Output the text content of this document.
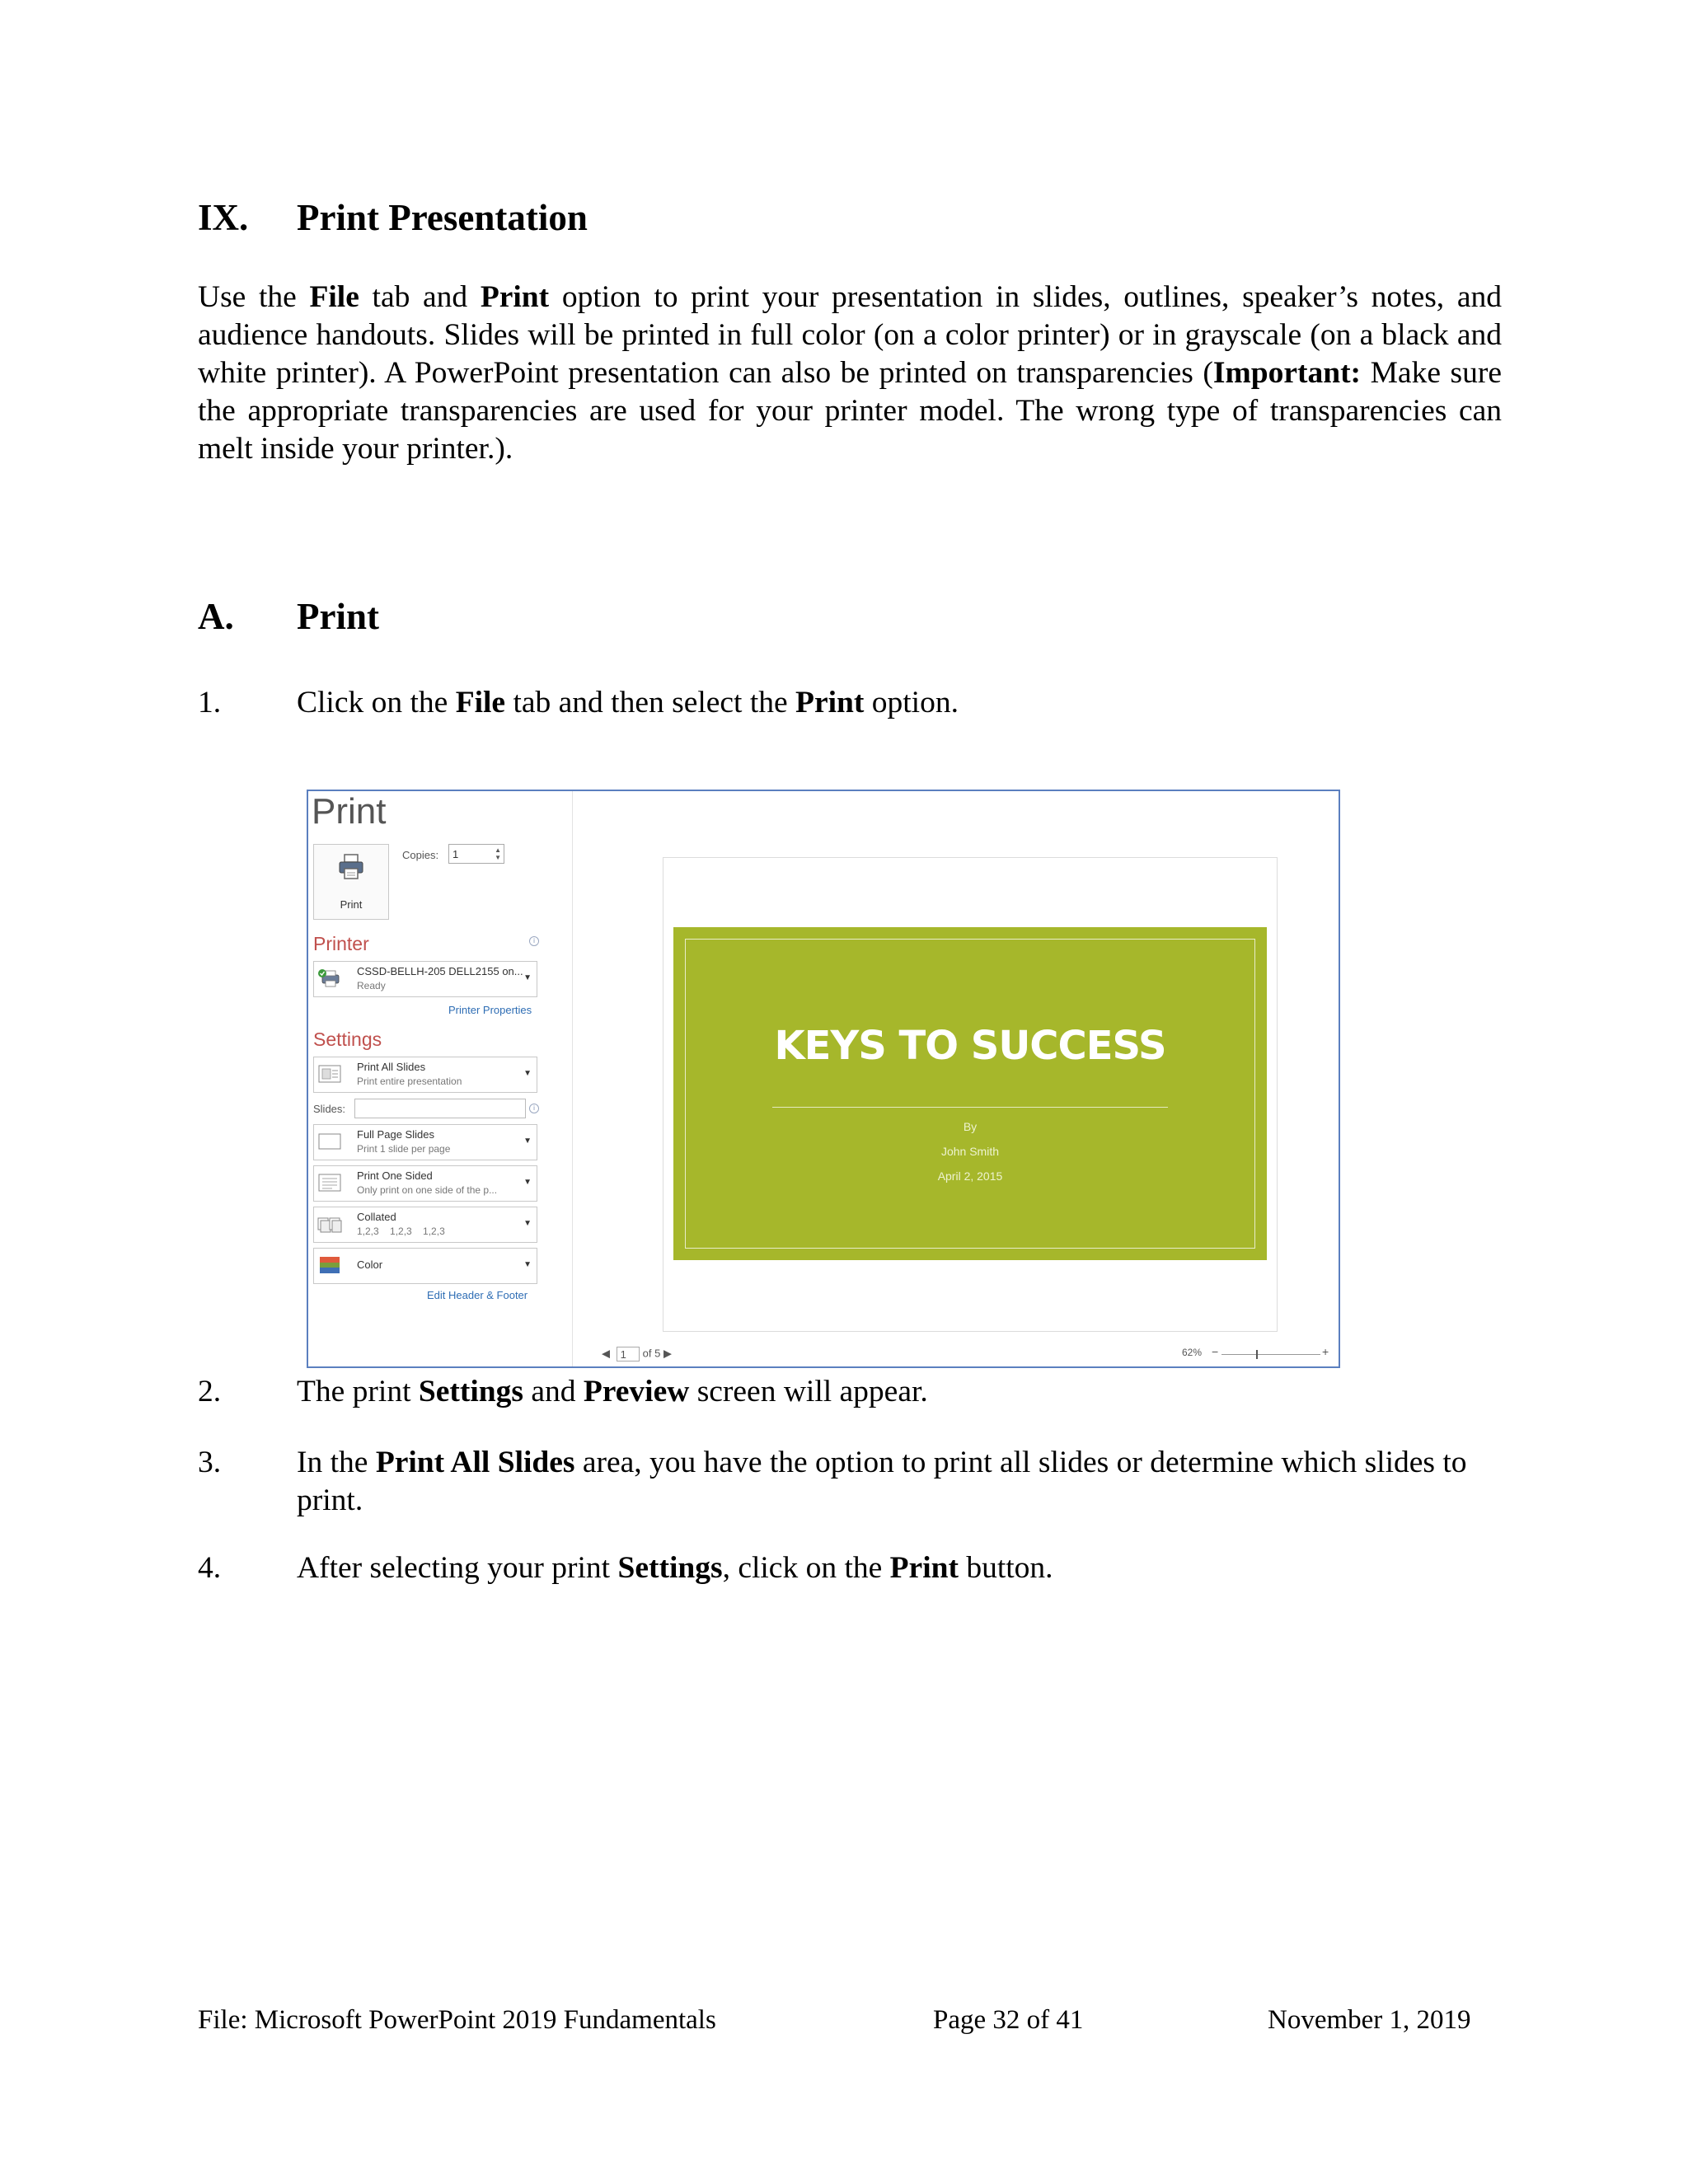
IX. Print Presentation
Use the File tab and Print option to print your presentation in slides, outlines, speaker’s notes, and audience handouts. Slides will be printed in full color (on a color printer) or in grayscale (on a black and white printer). A PowerPoint presentation can also be printed on transparencies (Important: Make sure the appropriate transparencies are used for your printer model. The wrong type of transparencies can melt inside your printer.).
A. Print
1. Click on the File tab and then select the Print option.
Print
Print
Copies:	1	▲
▼
Printer	i
CSSD-BELLH-205 DELL2155 on...
Ready
▼
Printer Properties
Settings
Print All Slides
Print entire presentation
▼
Slides:	i
Full Page Slides
Print 1 slide per page
▼
Print One Sided
Only print on one side of the p...
▼
Collated
1,2,3    1,2,3    1,2,3
▼
Color	▼
Edit Header & Footer
KEYS TO SUCCESS
By
John Smith
April 2, 2015
◀ 1 of 5 ▶	62% −	+
2. The print Settings and Preview screen will appear.
3. In the Print All Slides area, you have the option to print all slides or determine which slides to print.
4. After selecting your print Settings, click on the Print button.
File: Microsoft PowerPoint 2019 Fundamentals	Page 32 of 41	November 1, 2019
